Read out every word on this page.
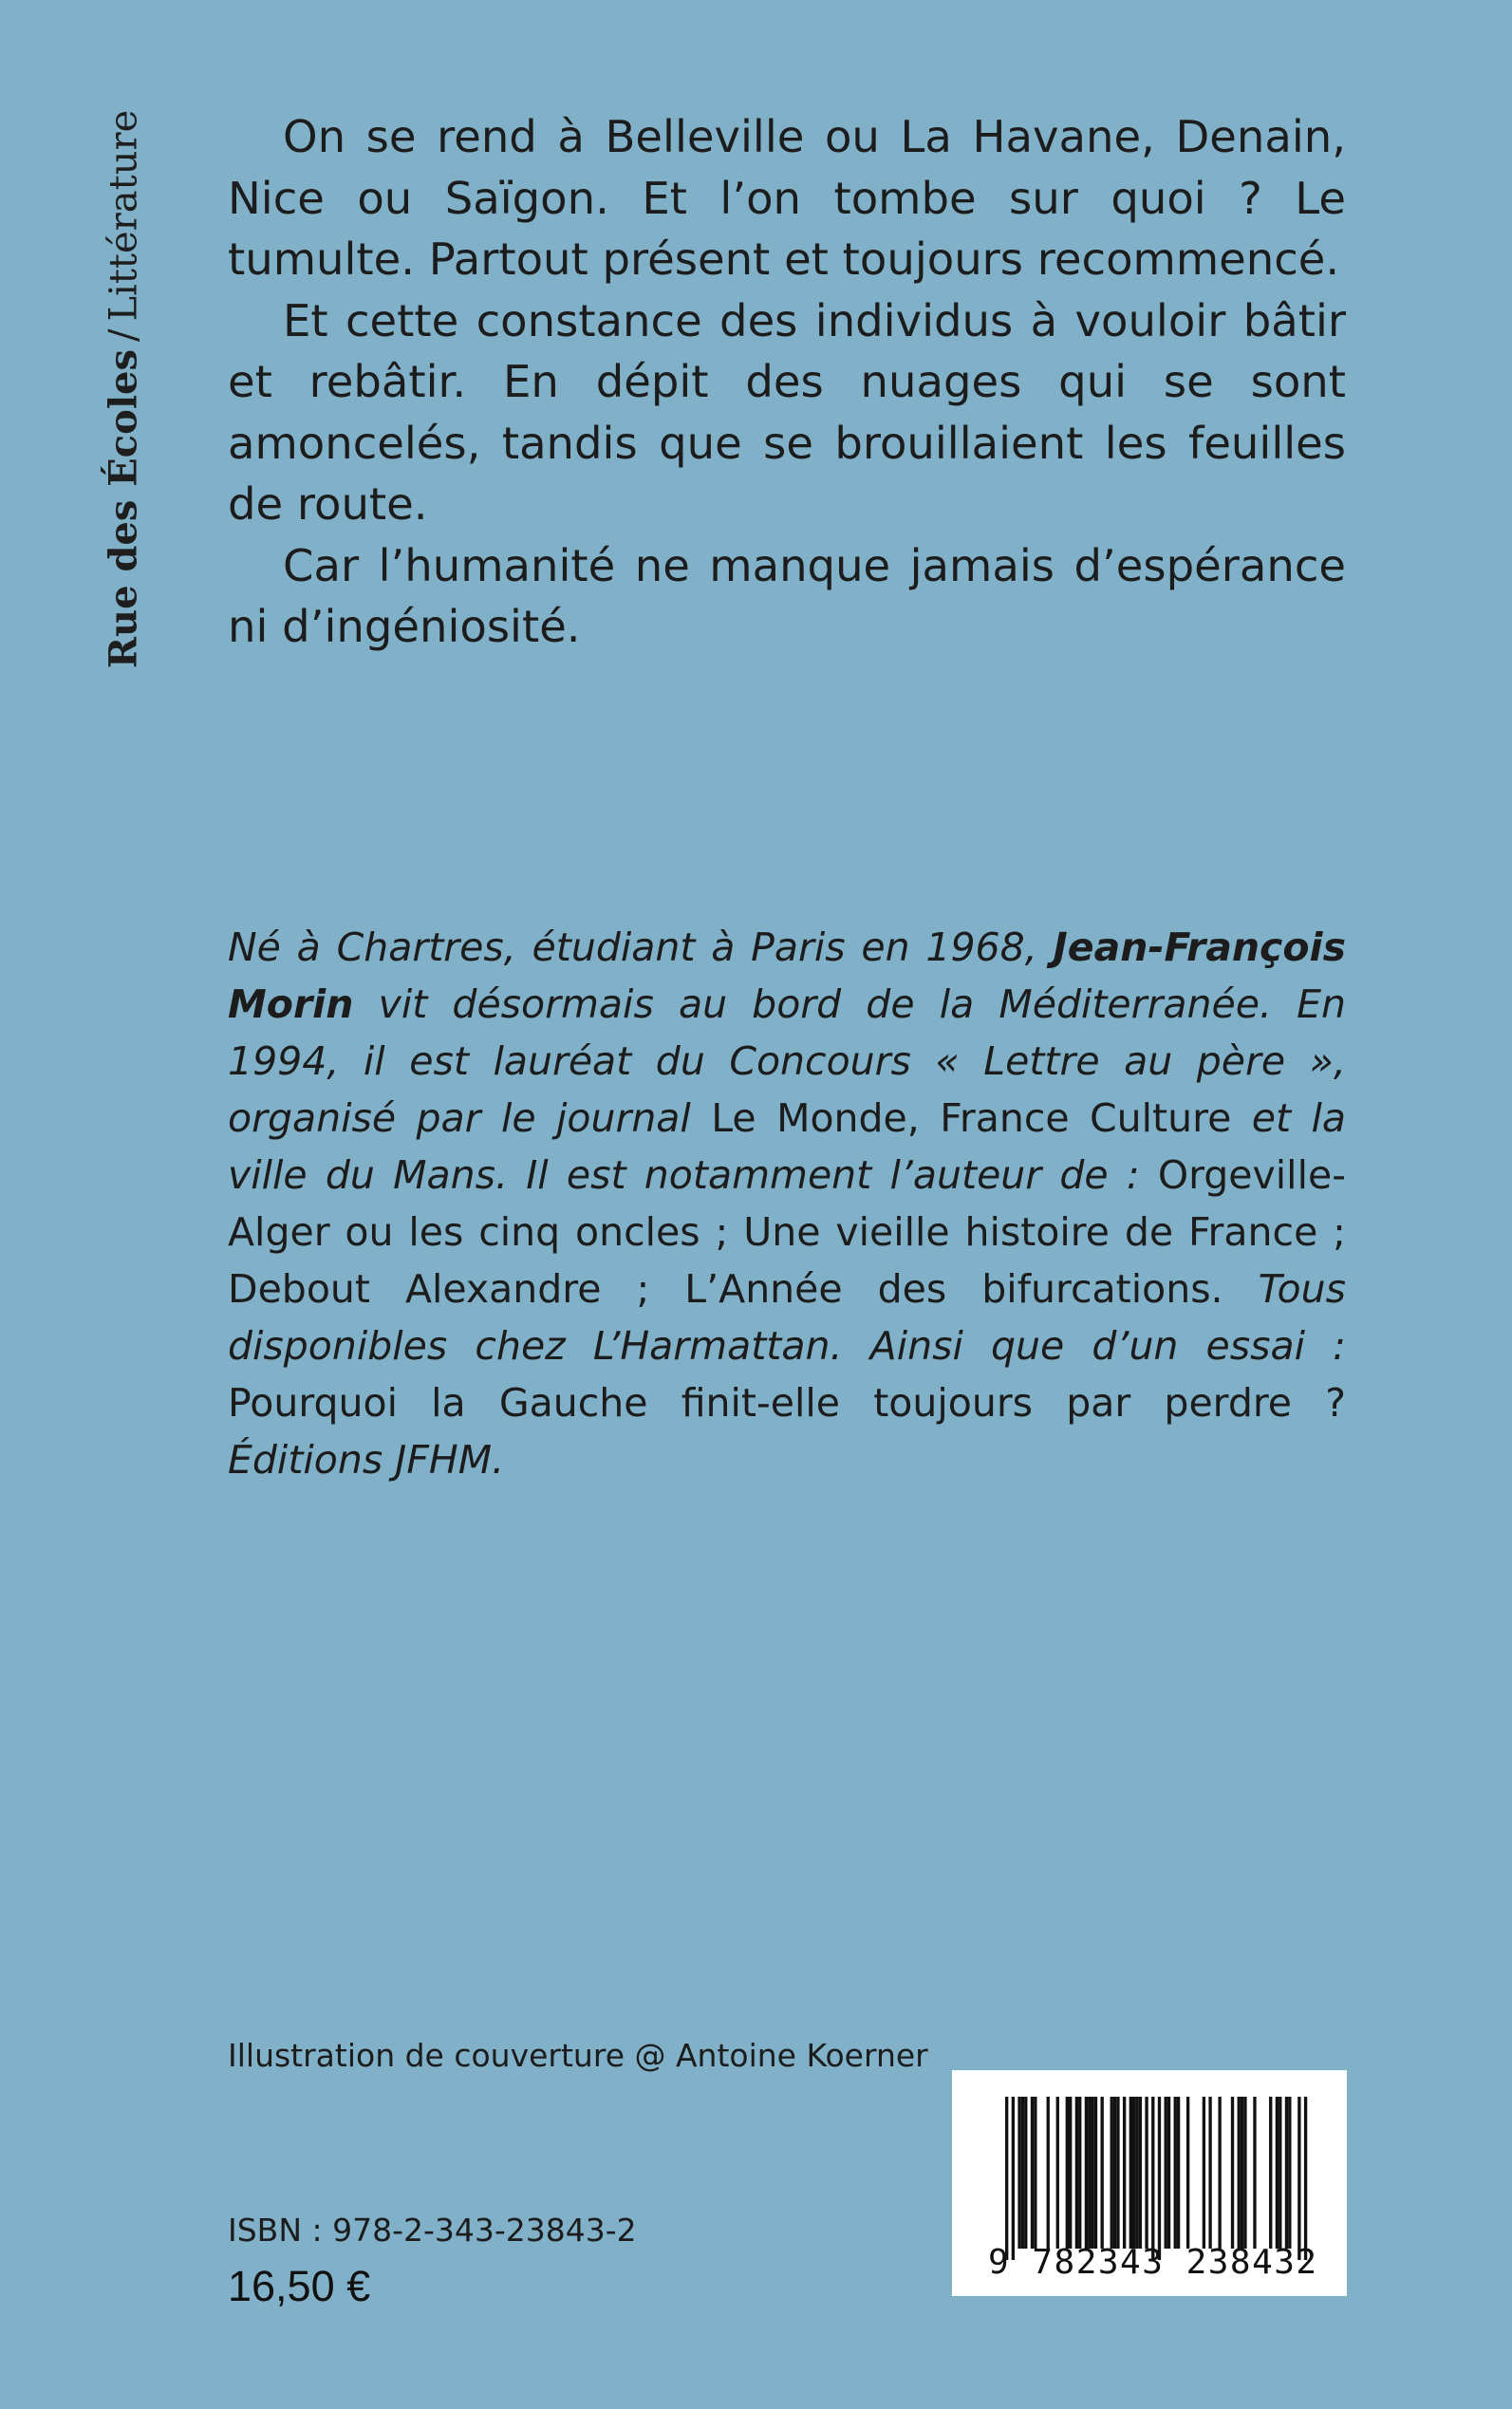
Rue des Écoles/Littérature	On se rend à Belleville ou La Havane, Denain, Nice ou Saïgon. Et l’on tombe sur quoi ? Le tumulte. Partout présent et toujours recommencé.

Et cette constance des individus à vouloir bâtir et rebâtir. En dépit des nuages qui se sont amoncelés, tandis que se brouillaient les feuilles de route.

Car l’humanité ne manque jamais d’espérance ni d’ingéniosité.

Né à Chartres, étudiant à Paris en 1968, Jean-François Morin vit désormais au bord de la Méditerranée. En 1994, il est lauréat du Concours « Lettre au père », organisé par le journal Le Monde, France Culture et la ville du Mans. Il est notamment l’auteur de : Orgeville-Alger ou les cinq oncles ; Une vieille histoire de France ; Debout Alexandre ; L’Année des bifurcations. Tous disponibles chez L’Harmattan. Ainsi que d’un essai : Pourquoi la Gauche finit-elle toujours par perdre ? Éditions JFHM.
Illustration de couverture @ Antoine Koerner
ISBN : 978-2-343-23843-2
16,50 €	9 782343 238432
